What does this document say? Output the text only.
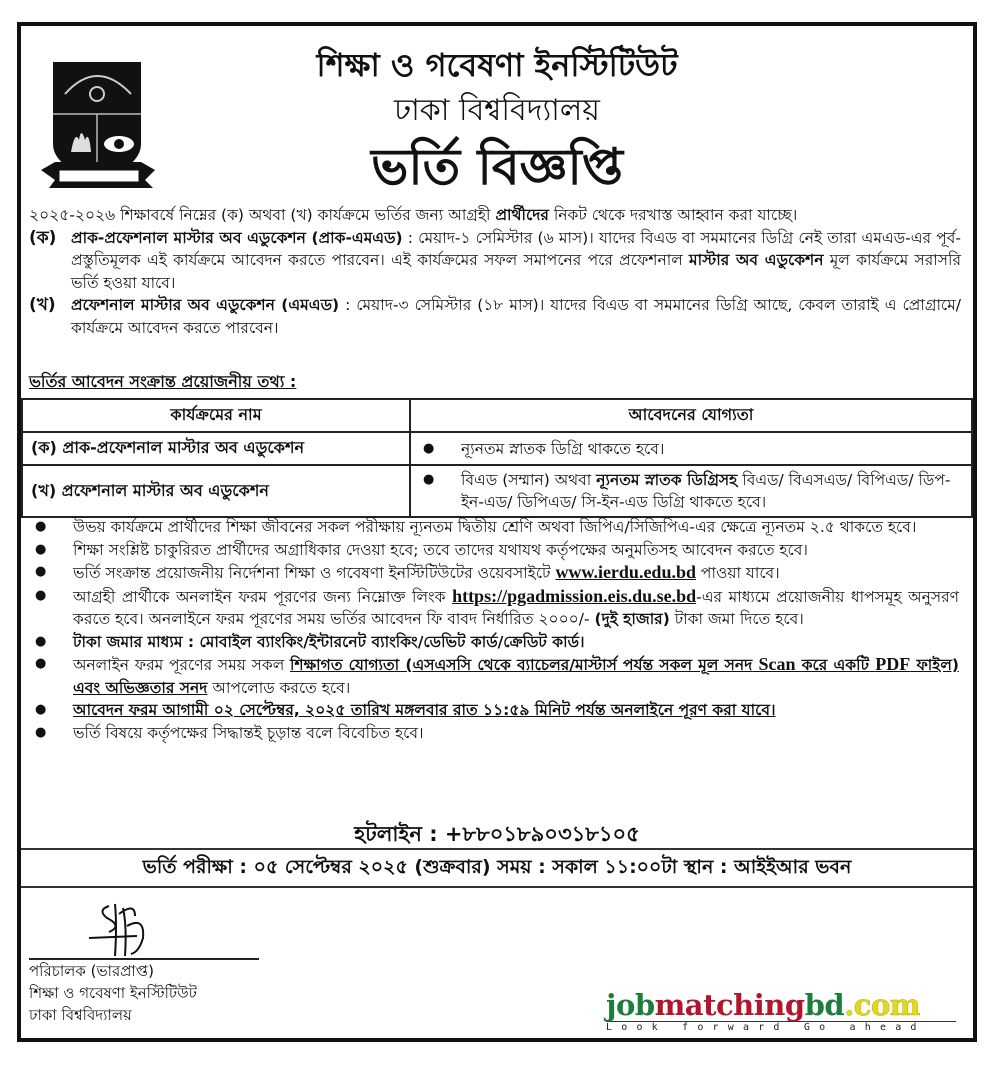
শিক্ষা ও গবেষণা ইনস্টিটিউট
ঢাকা বিশ্ববিদ্যালয়
ভর্তি বিজ্ঞপ্তি

২০২৫-২০২৬ শিক্ষাবর্ষে নিম্নের (ক) অথবা (খ) কার্যক্রমে ভর্তির জন্য আগ্রহী প্রার্থীদের নিকট থেকে দরখাস্ত আহ্বান করা যাচ্ছে।

(ক) প্রাক-প্রফেশনাল মাস্টার অব এডুকেশন (প্রাক-এমএড) : মেয়াদ-১ সেমিস্টার (৬ মাস)। যাদের বিএড বা সমমানের ডিগ্রি নেই তারা এমএড-এর পূর্ব-প্রস্তুতিমূলক এই কার্যক্রমে আবেদন করতে পারবেন। এই কার্যক্রমের সফল সমাপনের পরে প্রফেশনাল মাস্টার অব এডুকেশন মূল কার্যক্রমে সরাসরি ভর্তি হওয়া যাবে।
(খ) প্রফেশনাল মাস্টার অব এডুকেশন (এমএড) : মেয়াদ-৩ সেমিস্টার (১৮ মাস)। যাদের বিএড বা সমমানের ডিগ্রি আছে, কেবল তারাই এ প্রোগ্রামে/কার্যক্রমে আবেদন করতে পারবেন।
ভর্তির আবেদন সংক্রান্ত প্রয়োজনীয় তথ্য :
কার্যক্রমের নাম	আবেদনের যোগ্যতা
(ক) প্রাক-প্রফেশনাল মাস্টার অব এডুকেশন	
●ন্যূনতম স্নাতক ডিগ্রি থাকতে হবে।

(খ) প্রফেশনাল মাস্টার অব এডুকেশন	
● বিএড (সম্মান) অথবা ন্যূনতম স্নাতক ডিগ্রিসহ বিএড/ বিএসএড/ বিপিএড/ ডিপ-ইন-এড/ ডিপিএড/ সি-ইন-এড ডিগ্রি থাকতে হবে।
● উভয় কার্যক্রমে প্রার্থীদের শিক্ষা জীবনের সকল পরীক্ষায় ন্যূনতম দ্বিতীয় শ্রেণি অথবা জিপিএ/সিজিপিএ-এর ক্ষেত্রে ন্যূনতম ২.৫ থাকতে হবে।
● শিক্ষা সংশ্লিষ্ট চাকুরিরত প্রার্থীদের অগ্রাধিকার দেওয়া হবে; তবে তাদের যথাযথ কর্তৃপক্ষের অনুমতিসহ আবেদন করতে হবে।
● ভর্তি সংক্রান্ত প্রয়োজনীয় নির্দেশনা শিক্ষা ও গবেষণা ইনস্টিটিউটের ওয়েবসাইটে www.ierdu.edu.bd পাওয়া যাবে।
● আগ্রহী প্রার্থীকে অনলাইন ফরম পূরণের জন্য নিম্নোক্ত লিংক https://pgadmission.eis.du.se.bd-এর মাধ্যমে প্রয়োজনীয় ধাপসমূহ অনুসরণ করতে হবে। অনলাইনে ফরম পূরণের সময় ভর্তির আবেদন ফি বাবদ নির্ধারিত ২০০০/- (দুই হাজার) টাকা জমা দিতে হবে।
● টাকা জমার মাধ্যম : মোবাইল ব্যাংকিং/ইন্টারনেট ব্যাংকিং/ডেভিট কার্ড/ক্রেডিট কার্ড।
● অনলাইন ফরম পূরণের সময় সকল শিক্ষাগত যোগ্যতা (এসএসসি থেকে ব্যাচেলর/মাস্টার্স পর্যন্ত সকল মূল সনদ Scan করে একটি PDF ফাইল) এবং অভিজ্ঞতার সনদ আপলোড করতে হবে।
● আবেদন ফরম আগামী ০২ সেপ্টেম্বর, ২০২৫ তারিখ মঙ্গলবার রাত ১১:৫৯ মিনিট পর্যন্ত অনলাইনে পূরণ করা যাবে।
● ভর্তি বিষয়ে কর্তৃপক্ষের সিদ্ধান্তই চূড়ান্ত বলে বিবেচিত হবে।
হটলাইন : +৮৮০১৮৯০৩১৮১০৫
ভর্তি পরীক্ষা : ০৫ সেপ্টেম্বর ২০২৫ (শুক্রবার) সময় : সকাল ১১:০০টা স্থান : আইইআর ভবন
পরিচালক (ভারপ্রাপ্ত)
শিক্ষা ও গবেষণা ইনস্টিটিউট
ঢাকা বিশ্ববিদ্যালয়	jobmatchingbd.com
Look forward Go ahead
